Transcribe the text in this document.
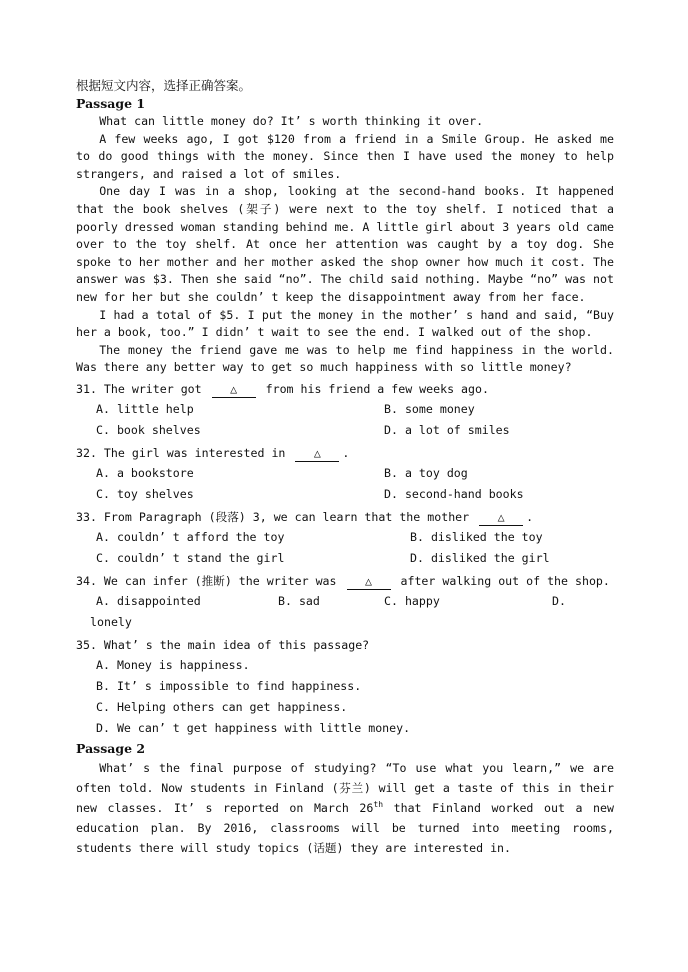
根据短文内容，选择正确答案。
Passage 1

What can little money do? It’ s worth thinking it over.

A few weeks ago, I got $120 from a friend in a Smile Group. He asked me to do good things with the money. Since then I have used the money to help strangers, and raised a lot of smiles.

One day I was in a shop, looking at the second-hand books. It happened that the book shelves (架子) were next to the toy shelf. I noticed that a poorly dressed woman standing behind me. A little girl about 3 years old came over to the toy shelf. At once her attention was caught by a toy dog. She spoke to her mother and her mother asked the shop owner how much it cost. The answer was $3. Then she said “no”. The child said nothing. Maybe “no” was not new for her but she couldn’ t keep the disappointment away from her face.

I had a total of $5. I put the money in the mother’ s hand and said, “Buy her a book, too.” I didn’ t wait to see the end. I walked out of the shop.

The money the friend gave me was to help me find happiness in the world. Was there any better way to get so much happiness with so little money?

31. The writer got △ from his friend a few weeks ago.
A. little help	B. some money
C. book shelves	D. a lot of smiles
32. The girl was interested in △ .
A. a bookstore	B. a toy dog
C. toy shelves	D. second-hand books
33. From Paragraph (段落) 3, we can learn that the mother △ .
A. couldn’ t afford the toy	B. disliked the toy
C. couldn’ t stand the girl	D. disliked the girl
34. We can infer (推断) the writer was △ after walking out of the shop.
A. disappointed	B. sad	C. happy	D.
lonely
35. What’ s the main idea of this passage?
A. Money is happiness.
B. It’ s impossible to find happiness.
C. Helping others can get happiness.
D. We can’ t get happiness with little money.
Passage 2

What’ s the final purpose of studying? “To use what you learn,” we are often told. Now students in Finland (芬兰) will get a taste of this in their new classes. It’ s reported on March 26th that Finland worked out a new education plan. By 2016, classrooms will be turned into meeting rooms, students there will study topics (话题) they are interested in.
